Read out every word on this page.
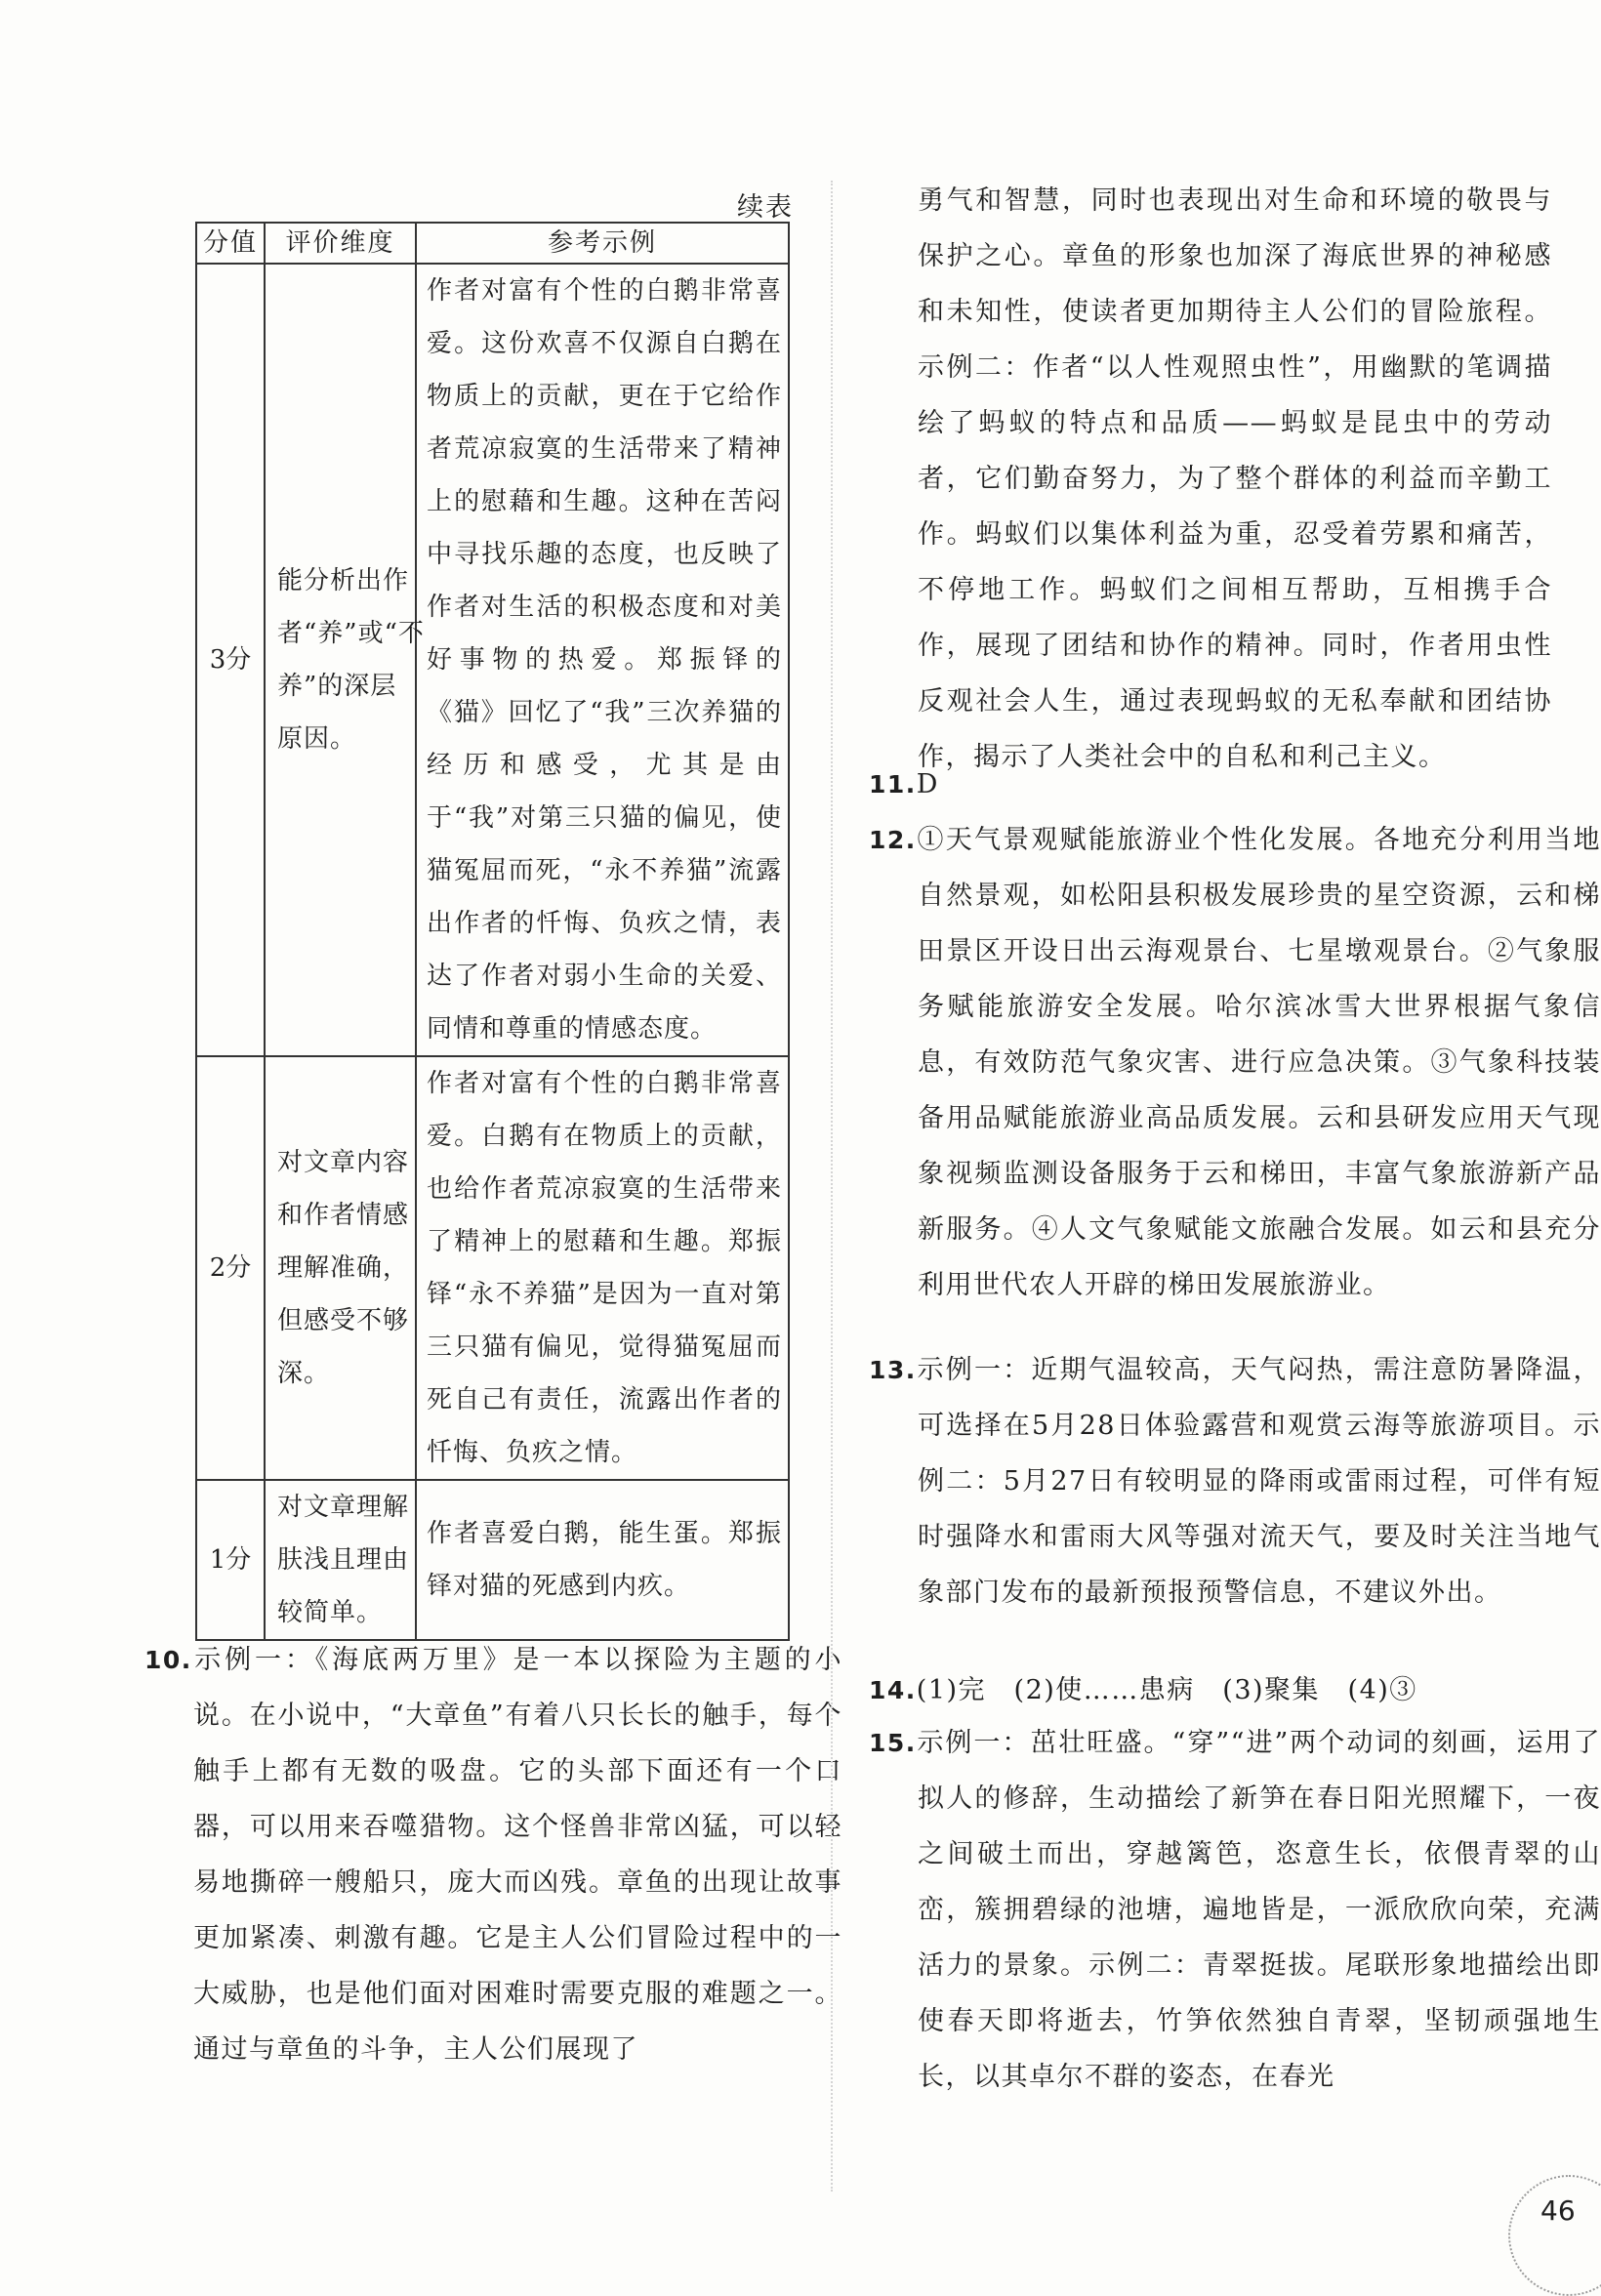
续表
分值	评价维度	参考示例
3分	能分析出作者“养”或“不养”的深层原因。	作者对富有个性的白鹅非常喜爱。这份欢喜不仅源自白鹅在物质上的贡献，更在于它给作者荒凉寂寞的生活带来了精神上的慰藉和生趣。这种在苦闷中寻找乐趣的态度，也反映了作者对生活的积极态度和对美好事物的热爱。郑振铎的《猫》回忆了“我”三次养猫的经历和感受，尤其是由于“我”对第三只猫的偏见，使猫冤屈而死，“永不养猫”流露出作者的忏悔、负疚之情，表达了作者对弱小生命的关爱、同情和尊重的情感态度。
2分	对文章内容和作者情感理解准确，但感受不够深。	作者对富有个性的白鹅非常喜爱。白鹅有在物质上的贡献，也给作者荒凉寂寞的生活带来了精神上的慰藉和生趣。郑振铎“永不养猫”是因为一直对第三只猫有偏见，觉得猫冤屈而死自己有责任，流露出作者的忏悔、负疚之情。
1分	对文章理解肤浅且理由较简单。	作者喜爱白鹅，能生蛋。郑振铎对猫的死感到内疚。
10.示例一：《海底两万里》是一本以探险为主题的小说。在小说中，“大章鱼”有着八只长长的触手，每个触手上都有无数的吸盘。它的头部下面还有一个口器，可以用来吞噬猎物。这个怪兽非常凶猛，可以轻易地撕碎一艘船只，庞大而凶残。章鱼的出现让故事更加紧凑、刺激有趣。它是主人公们冒险过程中的一大威胁，也是他们面对困难时需要克服的难题之一。通过与章鱼的斗争，主人公们展现了

勇气和智慧，同时也表现出对生命和环境的敬畏与保护之心。章鱼的形象也加深了海底世界的神秘感和未知性，使读者更加期待主人公们的冒险旅程。示例二：作者“以人性观照虫性”，用幽默的笔调描绘了蚂蚁的特点和品质——蚂蚁是昆虫中的劳动者，它们勤奋努力，为了整个群体的利益而辛勤工作。蚂蚁们以集体利益为重，忍受着劳累和痛苦，不停地工作。蚂蚁们之间相互帮助，互相携手合作，展现了团结和协作的精神。同时，作者用虫性反观社会人生，通过表现蚂蚁的无私奉献和团结协作，揭示了人类社会中的自私和利己主义。

11.D
12.①天气景观赋能旅游业个性化发展。各地充分利用当地自然景观，如松阳县积极发展珍贵的星空资源，云和梯田景区开设日出云海观景台、七星墩观景台。②气象服务赋能旅游安全发展。哈尔滨冰雪大世界根据气象信息，有效防范气象灾害、进行应急决策。③气象科技装备用品赋能旅游业高品质发展。云和县研发应用天气现象视频监测设备服务于云和梯田，丰富气象旅游新产品新服务。④人文气象赋能文旅融合发展。如云和县充分利用世代农人开辟的梯田发展旅游业。
13.示例一：近期气温较高，天气闷热，需注意防暑降温，可选择在5月28日体验露营和观赏云海等旅游项目。示例二：5月27日有较明显的降雨或雷雨过程，可伴有短时强降水和雷雨大风等强对流天气，要及时关注当地气象部门发布的最新预报预警信息，不建议外出。
14.(1)完　(2)使……患病　(3)聚集　(4)③
15.示例一：茁壮旺盛。“穿”“进”两个动词的刻画，运用了拟人的修辞，生动描绘了新笋在春日阳光照耀下，一夜之间破土而出，穿越篱笆，恣意生长，依偎青翠的山峦，簇拥碧绿的池塘，遍地皆是，一派欣欣向荣，充满活力的景象。示例二：青翠挺拔。尾联形象地描绘出即使春天即将逝去，竹笋依然独自青翠，坚韧顽强地生长，以其卓尔不群的姿态，在春光
46
